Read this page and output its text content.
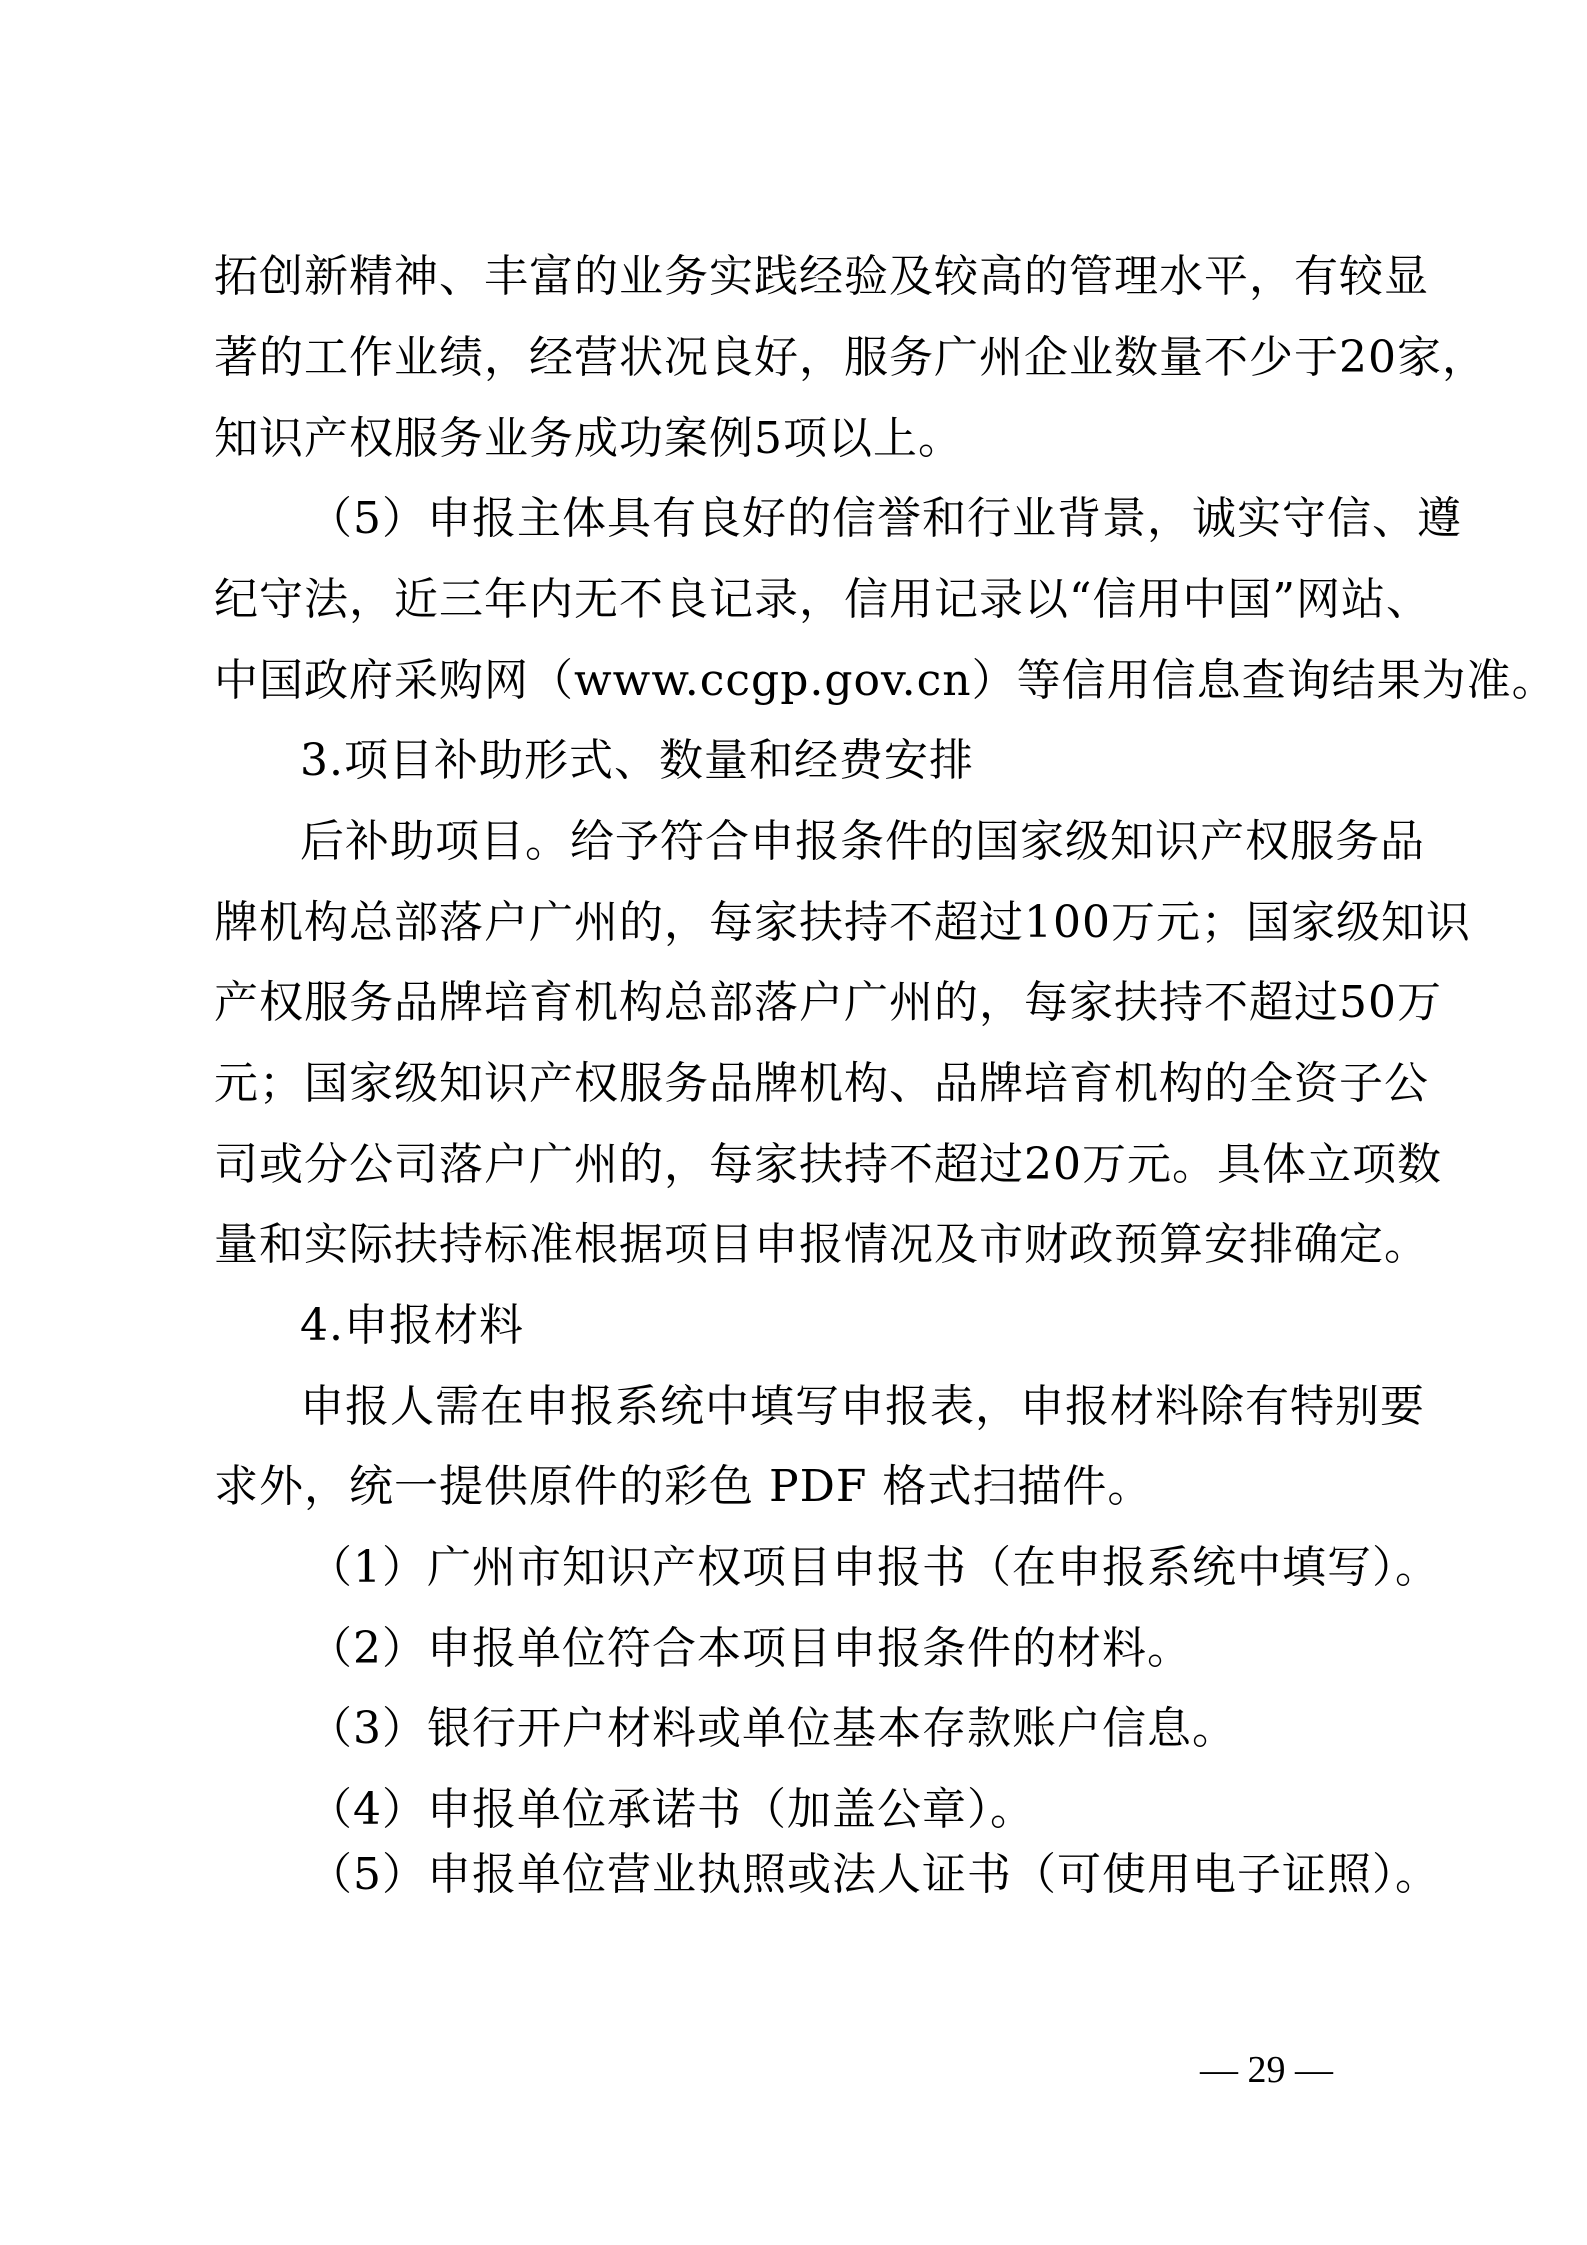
拓创新精神、丰富的业务实践经验及较高的管理水平，有较显
著的工作业绩，经营状况良好，服务广州企业数量不少于20家，
知识产权服务业务成功案例5项以上。
（5）申报主体具有良好的信誉和行业背景，诚实守信、遵
纪守法，近三年内无不良记录，信用记录以“信用中国”网站、
中国政府采购网（www.ccgp.gov.cn）等信用信息查询结果为准。
3.项目补助形式、数量和经费安排
后补助项目。给予符合申报条件的国家级知识产权服务品
牌机构总部落户广州的，每家扶持不超过100万元；国家级知识
产权服务品牌培育机构总部落户广州的，每家扶持不超过50万
元；国家级知识产权服务品牌机构、品牌培育机构的全资子公
司或分公司落户广州的，每家扶持不超过20万元。具体立项数
量和实际扶持标准根据项目申报情况及市财政预算安排确定。
4.申报材料
申报人需在申报系统中填写申报表，申报材料除有特别要
求外，统一提供原件的彩色 PDF 格式扫描件。
（1）广州市知识产权项目申报书（在申报系统中填写）。
（2）申报单位符合本项目申报条件的材料。
（3）银行开户材料或单位基本存款账户信息。
（4）申报单位承诺书（加盖公章）。
（5）申报单位营业执照或法人证书（可使用电子证照）。
— 29 —
